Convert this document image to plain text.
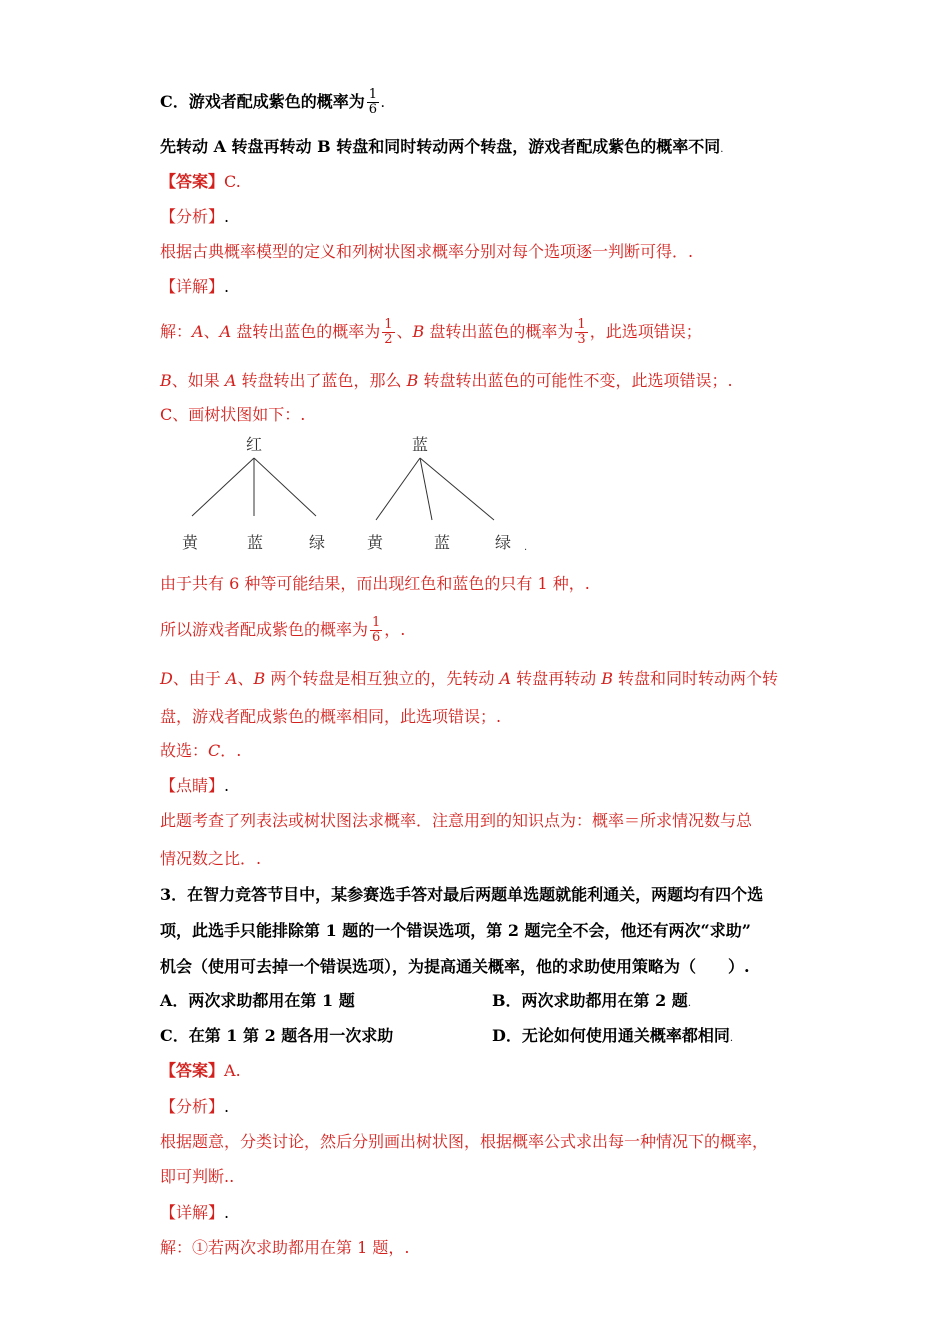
C．游戏者配成紫色的概率为 $\frac{1}{6}$ .
先转动 A 转盘再转动 B 转盘和同时转动两个转盘，游戏者配成紫色的概率不同.
【答案】C.
【分析】.
根据古典概率模型的定义和列树状图求概率分别对每个选项逐一判断可得．.
【详解】.
解：A、A 盘转出蓝色的概率为 $\frac{1}{2}$ 、B 盘转出蓝色的概率为 $\frac{1}{3}$ ，此选项错误；
B、如果 A 转盘转出了蓝色，那么 B 转盘转出蓝色的可能性不变，此选项错误；.
C、画树状图如下：.
红
黄	蓝	绿
蓝
黄	蓝	绿 .
由于共有 6 种等可能结果，而出现红色和蓝色的只有 1 种，.
所以游戏者配成紫色的概率为 $\frac{1}{6}$ ，.
D、由于 A、B 两个转盘是相互独立的，先转动 A 转盘再转动 B 转盘和同时转动两个转
盘，游戏者配成紫色的概率相同，此选项错误；.
故选：C．.
【点睛】.
此题考查了列表法或树状图法求概率．注意用到的知识点为：概率＝所求情况数与总
情况数之比．.
3．在智力竞答节目中，某参赛选手答对最后两题单选题就能利通关，两题均有四个选
项，此选手只能排除第 1 题的一个错误选项，第 2 题完全不会，他还有两次“求助”
机会（使用可去掉一个错误选项），为提高通关概率，他的求助使用策略为（　　）.
A．两次求助都用在第 1 题	B．两次求助都用在第 2 题.
C．在第 1 第 2 题各用一次求助	D．无论如何使用通关概率都相同.
【答案】A.
【分析】.
根据题意，分类讨论，然后分别画出树状图，根据概率公式求出每一种情况下的概率，
即可判断..
【详解】.
解：①若两次求助都用在第 1 题，.
